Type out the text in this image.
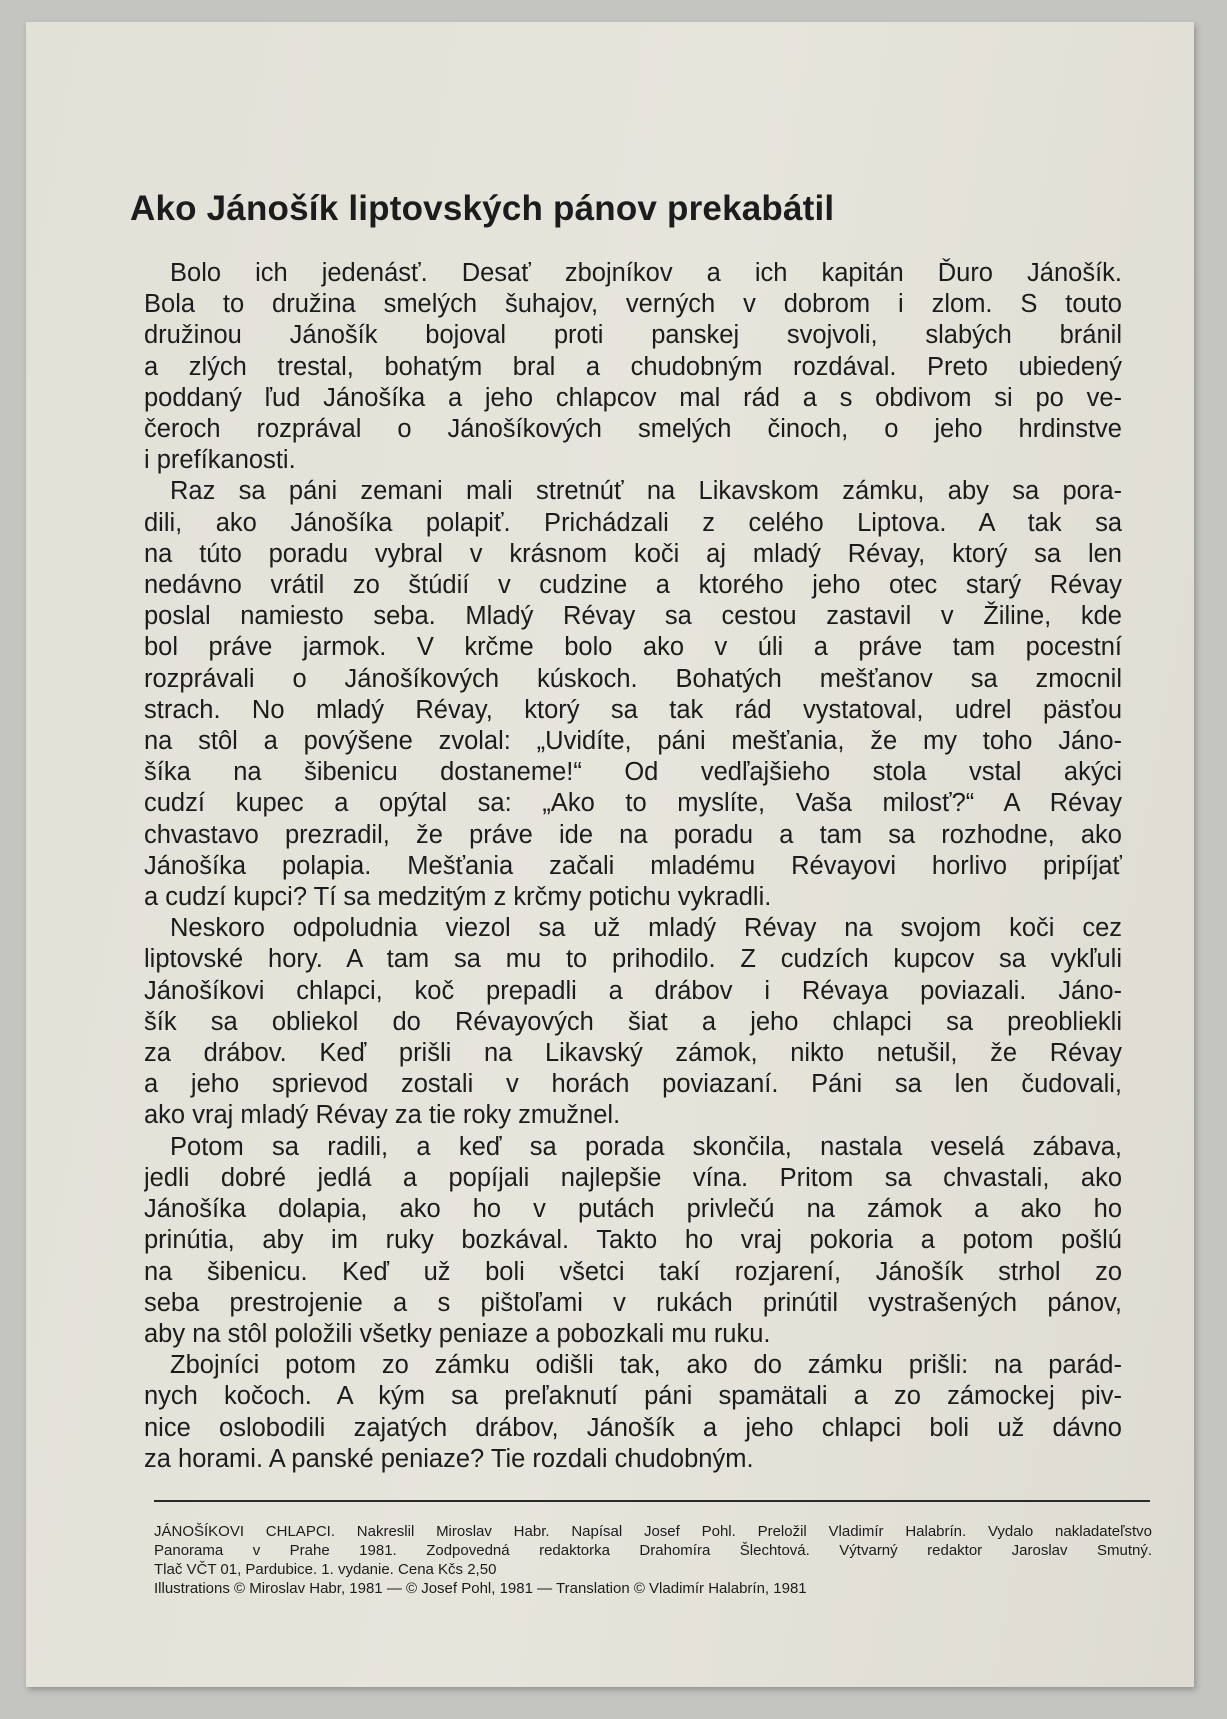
Ako Jánošík liptovských pánov prekabátil
Bolo ich jedenásť. Desať zbojníkov a ich kapitán Ďuro Jánošík.
Bola to družina smelých šuhajov, verných v dobrom i zlom. S touto
družinou Jánošík bojoval proti panskej svojvoli, slabých bránil
a zlých trestal, bohatým bral a chudobným rozdával. Preto ubiedený
poddaný ľud Jánošíka a jeho chlapcov mal rád a s obdivom si po ve-
čeroch rozprával o Jánošíkových smelých činoch, o jeho hrdinstve
i prefíkanosti.
Raz sa páni zemani mali stretnúť na Likavskom zámku, aby sa pora-
dili, ako Jánošíka polapiť. Prichádzali z celého Liptova. A tak sa
na túto poradu vybral v krásnom koči aj mladý Révay, ktorý sa len
nedávno vrátil zo štúdií v cudzine a ktorého jeho otec starý Révay
poslal namiesto seba. Mladý Révay sa cestou zastavil v Žiline, kde
bol práve jarmok. V krčme bolo ako v úli a práve tam pocestní
rozprávali o Jánošíkových kúskoch. Bohatých mešťanov sa zmocnil
strach. No mladý Révay, ktorý sa tak rád vystatoval, udrel päsťou
na stôl a povýšene zvolal: „Uvidíte, páni mešťania, že my toho Jáno-
šíka na šibenicu dostaneme!“ Od vedľajšieho stola vstal akýci
cudzí kupec a opýtal sa: „Ako to myslíte, Vaša milosť?“ A Révay
chvastavo prezradil, že práve ide na poradu a tam sa rozhodne, ako
Jánošíka polapia. Mešťania začali mladému Révayovi horlivo pripíjať
a cudzí kupci? Tí sa medzitým z krčmy potichu vykradli.
Neskoro odpoludnia viezol sa už mladý Révay na svojom koči cez
liptovské hory. A tam sa mu to prihodilo. Z cudzích kupcov sa vykľuli
Jánošíkovi chlapci, koč prepadli a drábov i Révaya poviazali. Jáno-
šík sa obliekol do Révayových šiat a jeho chlapci sa preobliekli
za drábov. Keď prišli na Likavský zámok, nikto netušil, že Révay
a jeho sprievod zostali v horách poviazaní. Páni sa len čudovali,
ako vraj mladý Révay za tie roky zmužnel.
Potom sa radili, a keď sa porada skončila, nastala veselá zábava,
jedli dobré jedlá a popíjali najlepšie vína. Pritom sa chvastali, ako
Jánošíka dolapia, ako ho v putách privlečú na zámok a ako ho
prinútia, aby im ruky bozkával. Takto ho vraj pokoria a potom pošlú
na šibenicu. Keď už boli všetci takí rozjarení, Jánošík strhol zo
seba prestrojenie a s pištoľami v rukách prinútil vystrašených pánov,
aby na stôl položili všetky peniaze a pobozkali mu ruku.
Zbojníci potom zo zámku odišli tak, ako do zámku prišli: na parád-
nych kočoch. A kým sa preľaknutí páni spamätali a zo zámockej piv-
nice oslobodili zajatých drábov, Jánošík a jeho chlapci boli už dávno
za horami. A panské peniaze? Tie rozdali chudobným.
JÁNOŠÍKOVI CHLAPCI. Nakreslil Miroslav Habr. Napísal Josef Pohl. Preložil Vladimír Halabrín. Vydalo nakladateľstvo
Panorama v Prahe 1981. Zodpovedná redaktorka Drahomíra Šlechtová. Výtvarný redaktor Jaroslav Smutný.
Tlač VČT 01, Pardubice. 1. vydanie. Cena Kčs 2,50
Illustrations © Miroslav Habr, 1981 — © Josef Pohl, 1981 — Translation © Vladimír Halabrín, 1981
